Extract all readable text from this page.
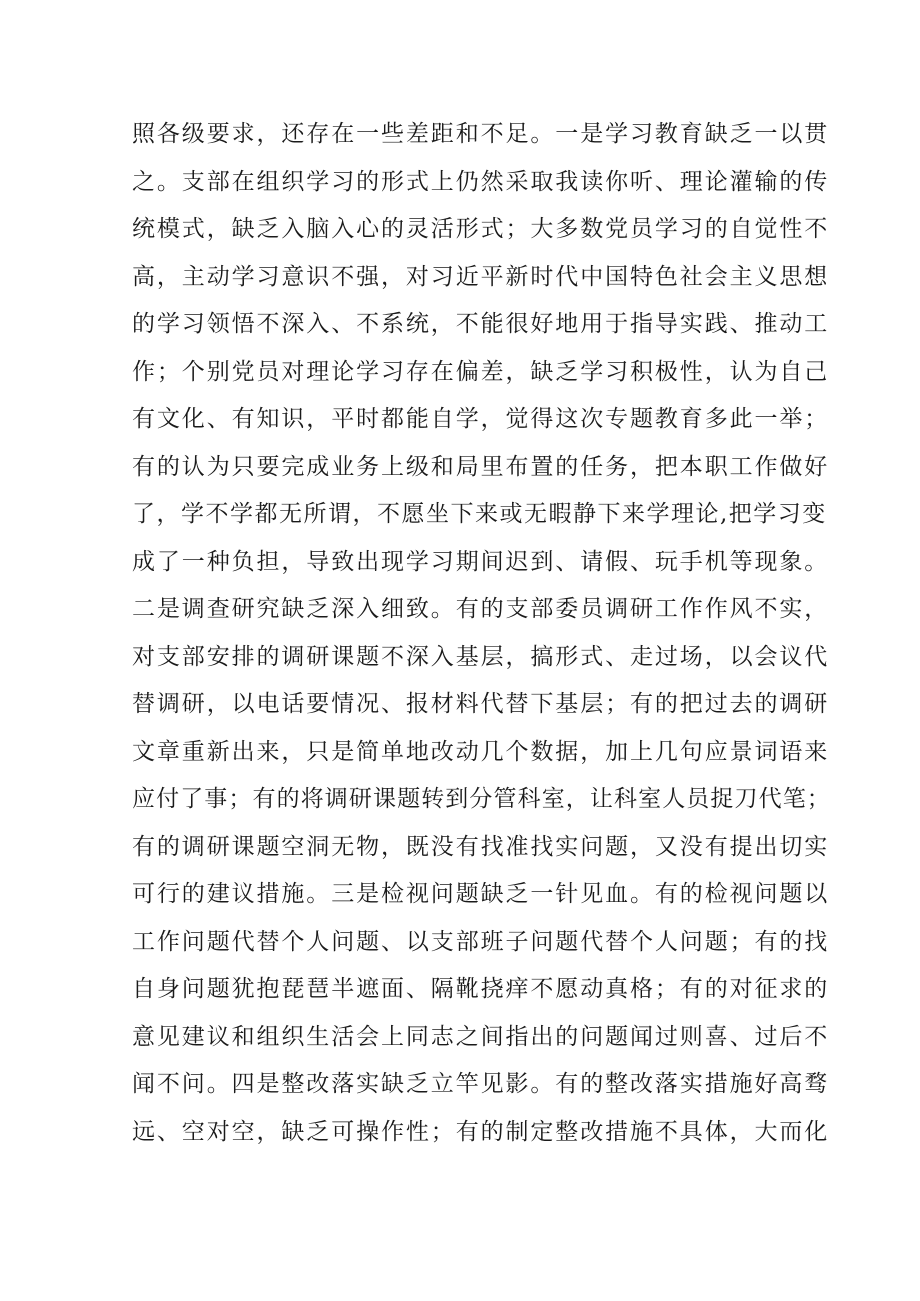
照各级要求，还存在一些差距和不足。一是学习教育缺乏一以贯
之。支部在组织学习的形式上仍然采取我读你听、理论灌输的传
统模式，缺乏入脑入心的灵活形式；大多数党员学习的自觉性不
高，主动学习意识不强，对习近平新时代中国特色社会主义思想
的学习领悟不深入、不系统，不能很好地用于指导实践、推动工
作；个别党员对理论学习存在偏差，缺乏学习积极性，认为自己
有文化、有知识，平时都能自学，觉得这次专题教育多此一举；
有的认为只要完成业务上级和局里布置的任务，把本职工作做好
了，学不学都无所谓，不愿坐下来或无暇静下来学理论,把学习变
成了一种负担，导致出现学习期间迟到、请假、玩手机等现象。
二是调查研究缺乏深入细致。有的支部委员调研工作作风不实，
对支部安排的调研课题不深入基层，搞形式、走过场，以会议代
替调研，以电话要情况、报材料代替下基层；有的把过去的调研
文章重新出来，只是简单地改动几个数据，加上几句应景词语来
应付了事；有的将调研课题转到分管科室，让科室人员捉刀代笔；
有的调研课题空洞无物，既没有找准找实问题，又没有提出切实
可行的建议措施。三是检视问题缺乏一针见血。有的检视问题以
工作问题代替个人问题、以支部班子问题代替个人问题；有的找
自身问题犹抱琵琶半遮面、隔靴挠痒不愿动真格；有的对征求的
意见建议和组织生活会上同志之间指出的问题闻过则喜、过后不
闻不问。四是整改落实缺乏立竿见影。有的整改落实措施好高骛
远、空对空，缺乏可操作性；有的制定整改措施不具体，大而化
